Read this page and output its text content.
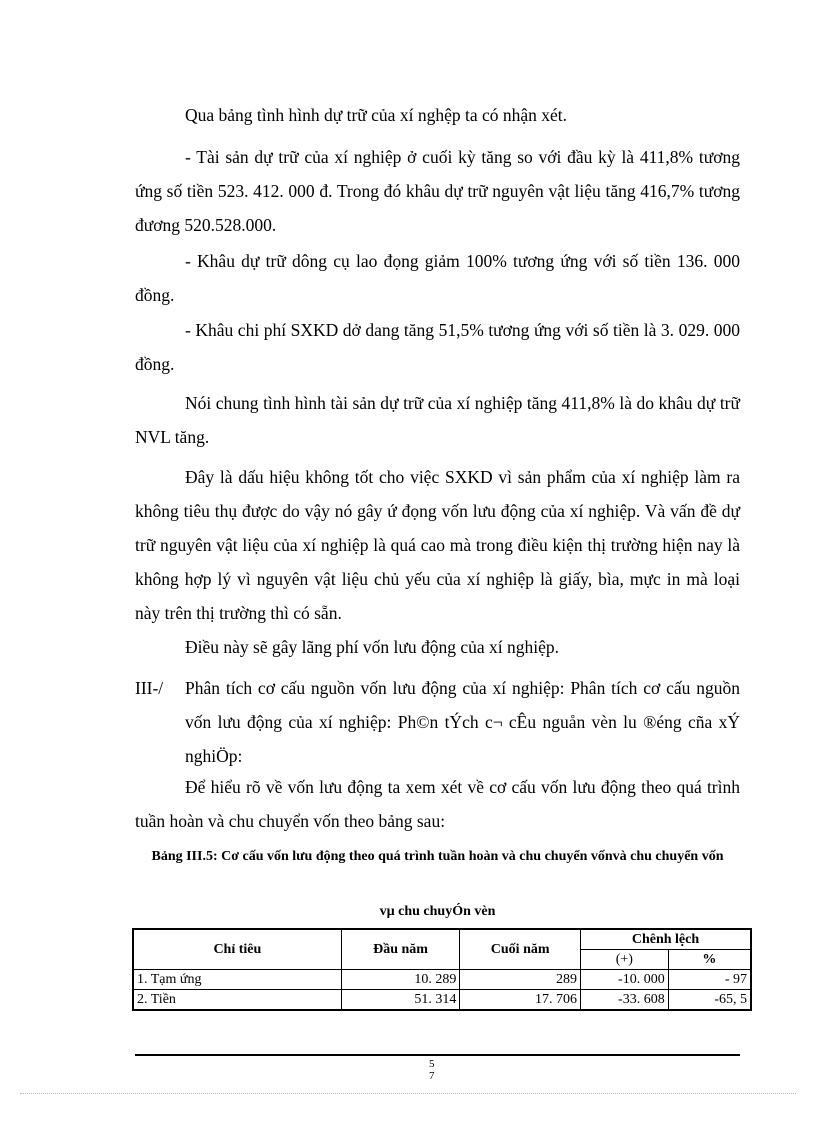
Qua bảng tình hình dự trữ của xí nghệp ta có nhận xét.
- Tài sản dự trữ của xí nghiệp ở cuối kỳ tăng so với đầu kỳ là 411,8% tương ứng số tiền 523. 412. 000 đ. Trong đó khâu dự trữ nguyên vật liệu tăng 416,7% tương đương 520.528.000.
- Khâu dự trữ dông cụ lao đọng giảm 100% tương ứng với số tiền 136. 000 đồng.
- Khâu chi phí SXKD dở dang tăng 51,5% tương ứng với số tiền là 3. 029. 000 đồng.
Nói chung tình hình tài sản dự trữ của xí nghiệp tăng 411,8% là do khâu dự trữ NVL tăng.
Đây là dấu hiệu không tốt cho việc SXKD vì sản phẩm của xí nghiệp làm ra không tiêu thụ được do vậy nó gây ứ đọng vốn lưu động của xí nghiệp. Và vấn đề dự trữ nguyên vật liệu của xí nghiệp là quá cao mà trong điều kiện thị trường hiện nay là không hợp lý vì nguyên vật liệu chủ yếu của xí nghiệp là giấy, bìa, mực in mà loại này trên thị trường thì có sẵn.
Điều này sẽ gây lãng phí vốn lưu động của xí nghiệp.
III-/ Phân tích cơ cấu nguồn vốn lưu động của xí nghiệp: Phân tích cơ cấu nguồn vốn lưu động của xí nghiệp: Ph©n tÝch c¬ cÊu nguån vèn lu ®éng cña xÝ nghiÖp:
Để hiểu rõ về vốn lưu động ta xem xét về cơ cấu vốn lưu động theo quá trình tuần hoàn và chu chuyển vốn theo bảng sau:
Bảng III.5: Cơ cấu vốn lưu động theo quá trình tuần hoàn và chu chuyển vốnvà chu chuyển vốn
vµ chu chuyÓn vèn
Chỉ tiêu	Đầu năm	Cuối năm	Chênh lệch	
			(+)	%
1. Tạm ứng	10. 289	289	-10. 000	- 97
2. Tiền	51. 314	17. 706	-33. 608	-65, 5
5
7
